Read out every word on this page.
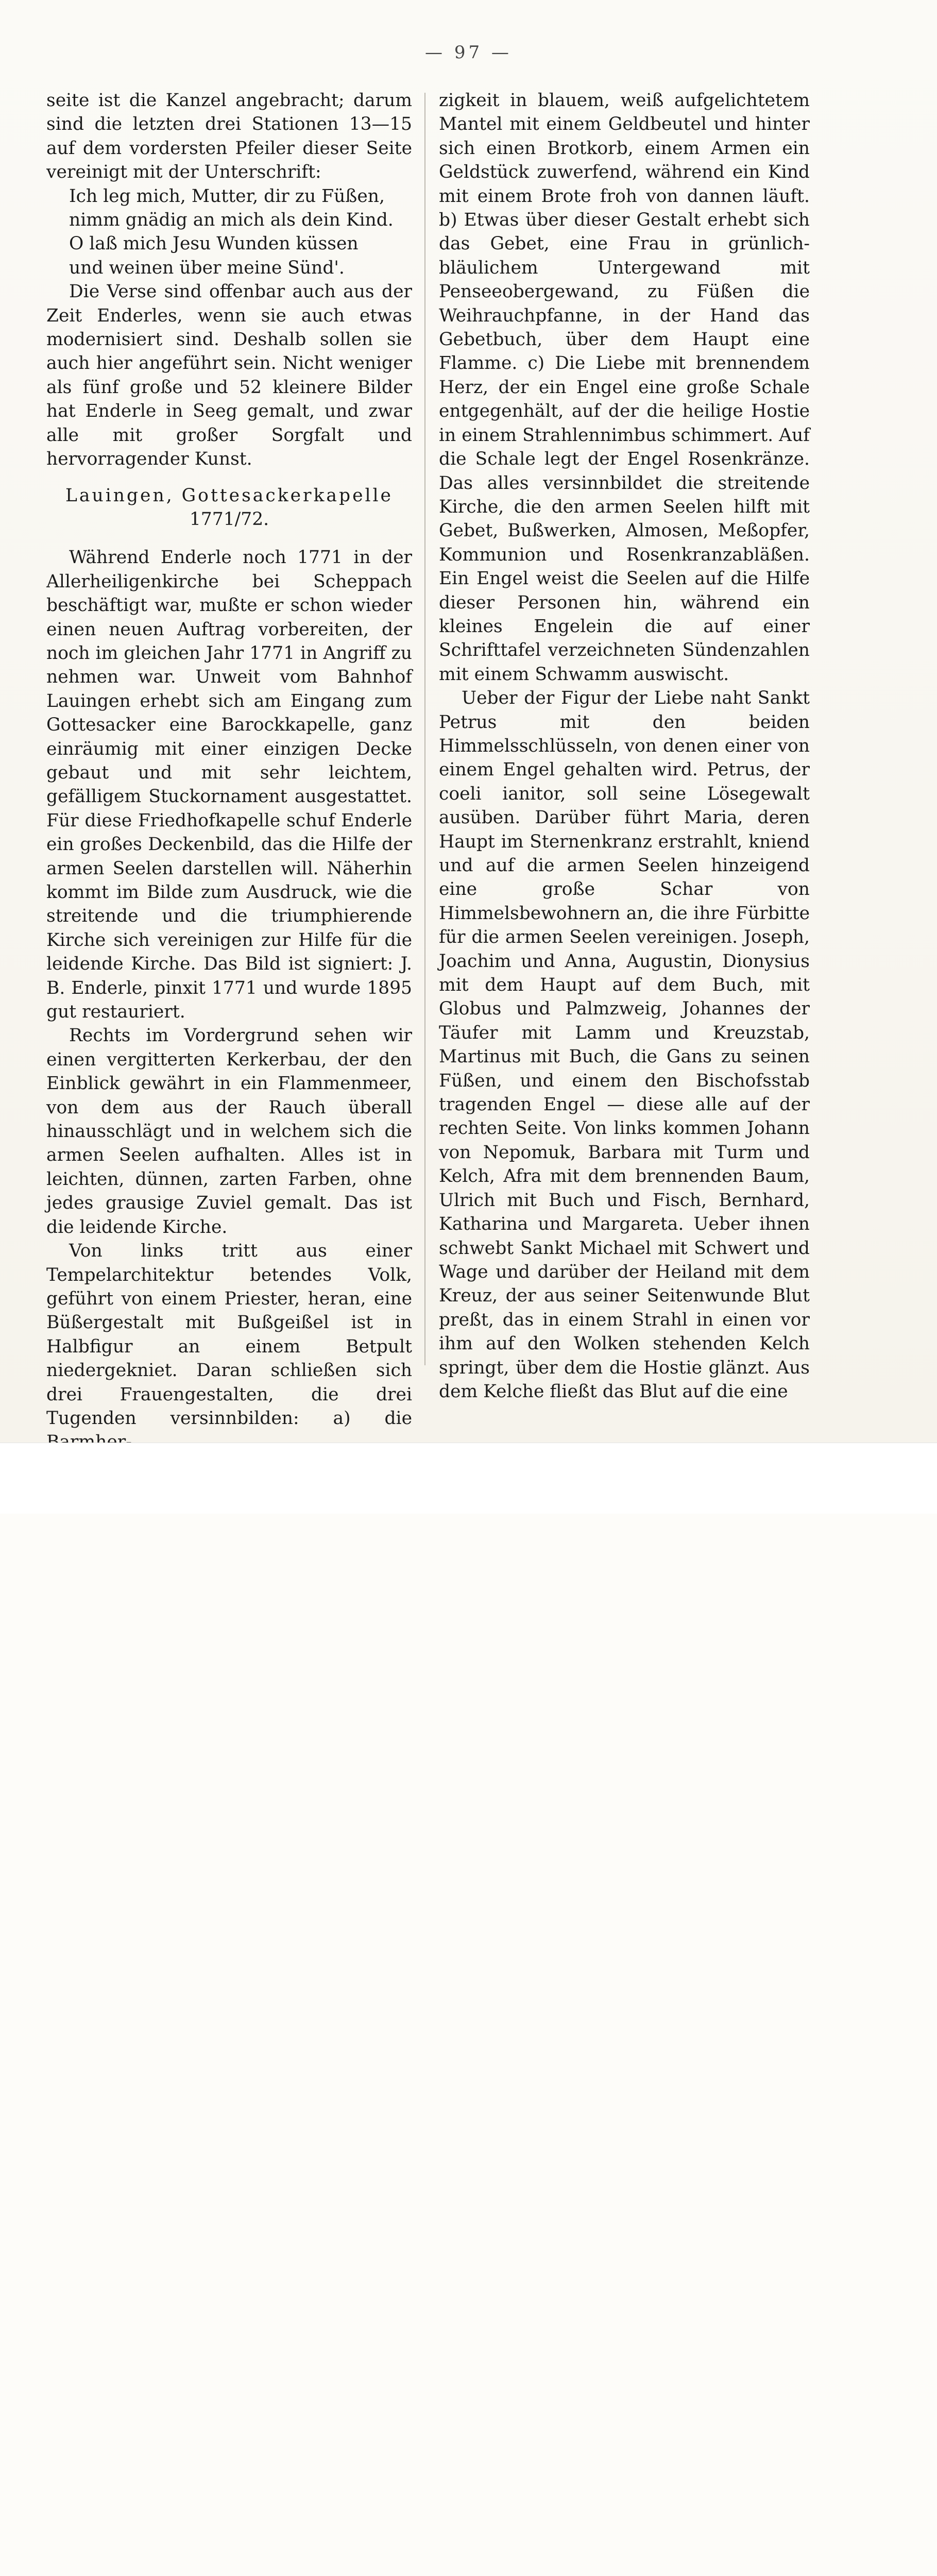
— 97 —

seite ist die Kanzel angebracht; darum sind die letzten drei Stationen 13—15 auf dem vordersten Pfeiler dieser Seite vereinigt mit der Unterschrift:

Ich leg mich, Mutter, dir zu Füßen,

nimm gnädig an mich als dein Kind.

O laß mich Jesu Wunden küssen

und weinen über meine Sünd'.

Die Verse sind offenbar auch aus der Zeit Enderles, wenn sie auch etwas modernisiert sind. Deshalb sollen sie auch hier angeführt sein. Nicht weniger als fünf große und 52 kleinere Bilder hat Enderle in Seeg gemalt, und zwar alle mit großer Sorgfalt und hervorragender Kunst.

Lauingen, Gottesackerkapelle

1771/72.

Während Enderle noch 1771 in der Allerheiligenkirche bei Scheppach beschäftigt war, mußte er schon wieder einen neuen Auftrag vorbereiten, der noch im gleichen Jahr 1771 in Angriff zu nehmen war. Unweit vom Bahnhof Lauingen erhebt sich am Eingang zum Gottesacker eine Barockkapelle, ganz einräumig mit einer einzigen Decke gebaut und mit sehr leichtem, gefälligem Stuckornament ausgestattet. Für diese Friedhofkapelle schuf Enderle ein großes Deckenbild, das die Hilfe der armen Seelen darstellen will. Näherhin kommt im Bilde zum Ausdruck, wie die streitende und die triumphierende Kirche sich vereinigen zur Hilfe für die leidende Kirche. Das Bild ist signiert: J. B. Enderle, pinxit 1771 und wurde 1895 gut restauriert.

Rechts im Vordergrund sehen wir einen vergitterten Kerkerbau, der den Einblick gewährt in ein Flammenmeer, von dem aus der Rauch überall hinausschlägt und in welchem sich die armen Seelen aufhalten. Alles ist in leichten, dünnen, zarten Farben, ohne jedes grausige Zuviel gemalt. Das ist die leidende Kirche.

Von links tritt aus einer Tempelarchitektur betendes Volk, geführt von einem Priester, heran, eine Büßergestalt mit Bußgeißel ist in Halbfigur an einem Betpult niedergekniet. Daran schließen sich drei Frauengestalten, die drei Tugenden versinnbilden: a) die

zigkeit in blauem, weiß aufgelichtetem Mantel mit einem Geldbeutel und hinter sich einen Brotkorb, einem Armen ein Geldstück zuwerfend, während ein Kind mit einem Brote froh von dannen läuft. b) Etwas über dieser Gestalt erhebt sich das Gebet, eine Frau in grünlich-bläulichem Untergewand mit Penseeobergewand, zu Füßen die Weihrauchpfanne, in der Hand das Gebetbuch, über dem Haupt eine Flamme. c) Die Liebe mit brennendem Herz, der ein Engel eine große Schale entgegenhält, auf der die heilige Hostie in einem Strahlennimbus schimmert. Auf die Schale legt der Engel Rosenkränze. Das alles versinnbildet die streitende Kirche, die den armen Seelen hilft mit Gebet, Bußwerken, Almosen, Meßopfer, Kommunion und Rosenkranzabläßen. Ein Engel weist die Seelen auf die Hilfe dieser Personen hin, während ein kleines Engelein die auf einer Schrifttafel verzeichneten Sündenzahlen mit einem Schwamm auswischt.

Ueber der Figur der Liebe naht Sankt Petrus mit den beiden Himmelsschlüsseln, von denen einer von einem Engel gehalten wird. Petrus, der coeli ianitor, soll seine Lösegewalt ausüben. Darüber führt Maria, deren Haupt im Sternenkranz erstrahlt, kniend und auf die armen Seelen hinzeigend eine große Schar von Himmelsbewohnern an, die ihre Fürbitte für die armen Seelen vereinigen. Joseph, Joachim und Anna, Augustin, Dionysius mit dem Haupt auf dem Buch, mit Globus und Palmzweig, Johannes der Täufer mit Lamm und Kreuzstab, Martinus mit Buch, die Gans zu seinen Füßen, und einem den Bischofsstab tragenden Engel — diese alle auf der rechten Seite. Von links kommen Johann von Nepomuk, Barbara mit Turm und Kelch, Afra mit dem brennenden Baum, Ulrich mit Buch und Fisch, Bernhard, Katharina und Margareta. Ueber ihnen schwebt Sankt Michael mit Schwert und Wage und darüber der Heiland mit dem Kreuz, der aus seiner Seitenwunde Blut preßt, das in einem Strahl in einen vor ihm auf den Wolken stehenden Kelch springt, über dem die Hostie glänzt. Aus dem Kelche fließt das Blut auf die eine
